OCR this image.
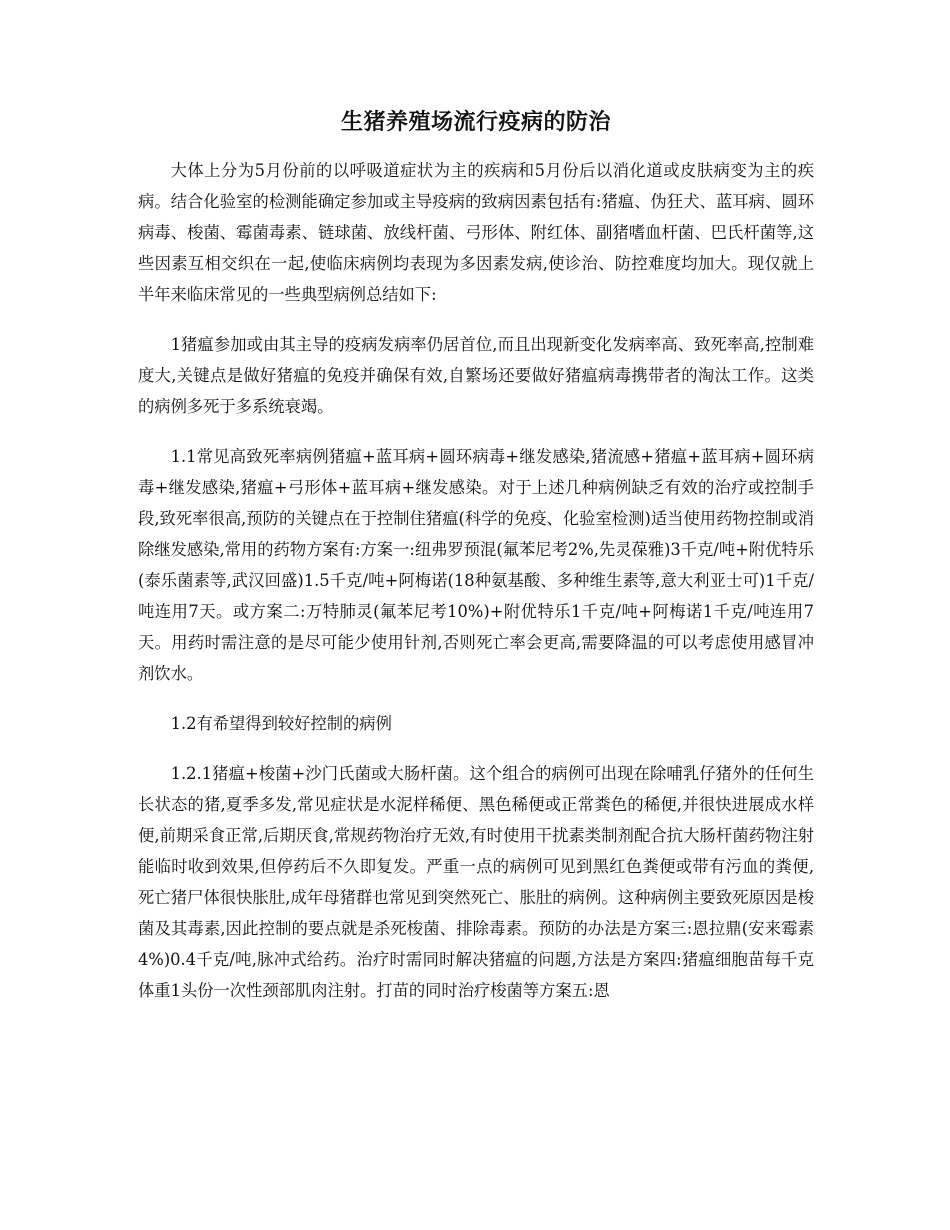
生猪养殖场流行疫病的防治

大体上分为5月份前的以呼吸道症状为主的疾病和5月份后以消化道或皮肤病变为主的疾病。结合化验室的检测能确定参加或主导疫病的致病因素包括有:猪瘟、伪狂犬、蓝耳病、圆环病毒、梭菌、霉菌毒素、链球菌、放线杆菌、弓形体、附红体、副猪嗜血杆菌、巴氏杆菌等,这些因素互相交织在一起,使临床病例均表现为多因素发病,使诊治、防控难度均加大。现仅就上半年来临床常见的一些典型病例总结如下:

1猪瘟参加或由其主导的疫病发病率仍居首位,而且出现新变化发病率高、致死率高,控制难度大,关键点是做好猪瘟的免疫并确保有效,自繁场还要做好猪瘟病毒携带者的淘汰工作。这类的病例多死于多系统衰竭。

1.1常见高致死率病例猪瘟+蓝耳病+圆环病毒+继发感染,猪流感+猪瘟+蓝耳病+圆环病毒+继发感染,猪瘟+弓形体+蓝耳病+继发感染。对于上述几种病例缺乏有效的治疗或控制手段,致死率很高,预防的关键点在于控制住猪瘟(科学的免疫、化验室检测)适当使用药物控制或消除继发感染,常用的药物方案有:方案一:纽弗罗预混(氟苯尼考2%,先灵葆雅)3千克/吨+附优特乐(泰乐菌素等,武汉回盛)1.5千克/吨+阿梅诺(18种氨基酸、多种维生素等,意大利亚士可)1千克/吨连用7天。或方案二:万特肺灵(氟苯尼考10%)+附优特乐1千克/吨+阿梅诺1千克/吨连用7天。用药时需注意的是尽可能少使用针剂,否则死亡率会更高,需要降温的可以考虑使用感冒冲剂饮水。

1.2有希望得到较好控制的病例

1.2.1猪瘟+梭菌+沙门氏菌或大肠杆菌。这个组合的病例可出现在除哺乳仔猪外的任何生长状态的猪,夏季多发,常见症状是水泥样稀便、黑色稀便或正常粪色的稀便,并很快进展成水样便,前期采食正常,后期厌食,常规药物治疗无效,有时使用干扰素类制剂配合抗大肠杆菌药物注射能临时收到效果,但停药后不久即复发。严重一点的病例可见到黑红色粪便或带有污血的粪便,死亡猪尸体很快胀肚,成年母猪群也常见到突然死亡、胀肚的病例。这种病例主要致死原因是梭菌及其毒素,因此控制的要点就是杀死梭菌、排除毒素。预防的办法是方案三:恩拉鼎(安来霉素4%)0.4千克/吨,脉冲式给药。治疗时需同时解决猪瘟的问题,方法是方案四:猪瘟细胞苗每千克体重1头份一次性颈部肌肉注射。打苗的同时治疗梭菌等方案五:恩
